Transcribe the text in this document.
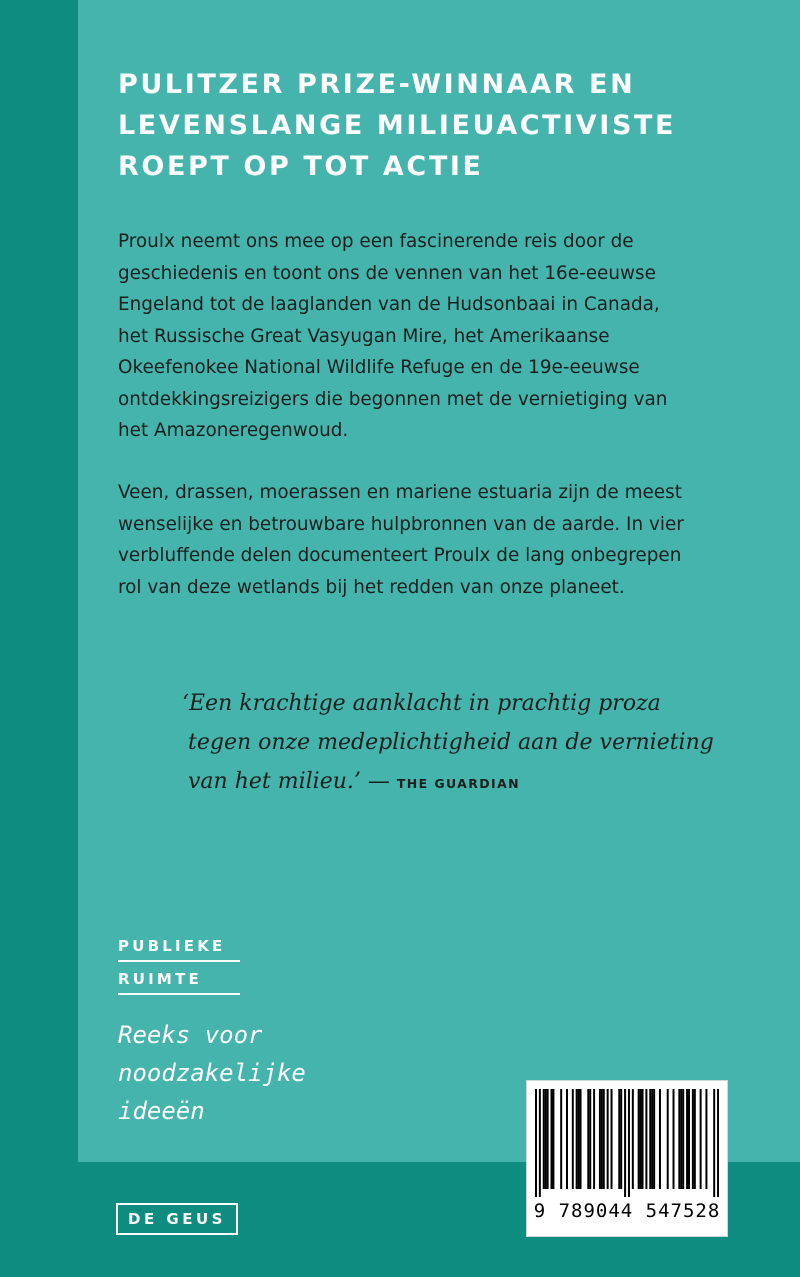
PULITZER PRIZE-WINNAAR EN
LEVENSLANGE MILIEUACTIVISTE
ROEPT OP TOT ACTIE
Proulx neemt ons mee op een fascinerende reis door de
geschiedenis en toont ons de vennen van het 16e-eeuwse
Engeland tot de laaglanden van de Hudsonbaai in Canada,
het Russische Great Vasyugan Mire, het Amerikaanse
Okeefenokee National Wildlife Refuge en de 19e-eeuwse
ontdekkingsreizigers die begonnen met de vernietiging van
het Amazoneregenwoud.
Veen, drassen, moerassen en mariene estuaria zijn de meest
wenselijke en betrouwbare hulpbronnen van de aarde. In vier
verbluffende delen documenteert Proulx de lang onbegrepen
rol van deze wetlands bij het redden van onze planeet.
‘Een krachtige aanklacht in prachtig proza
tegen onze medeplichtigheid aan de vernieting
van het milieu.’ — THE GUARDIAN
PUBLIEKE
RUIMTE
Reeks voor
noodzakelijke
ideeën
DE GEUS	9 789044 547528
